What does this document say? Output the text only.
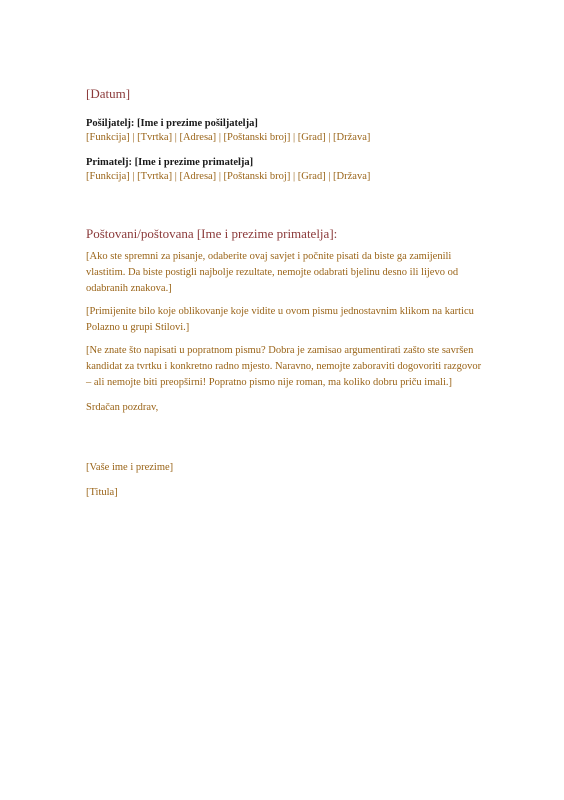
[Datum]
Pošiljatelj: [Ime i prezime pošiljatelja]
[Funkcija] | [Tvrtka] | [Adresa] | [Poštanski broj] | [Grad] | [Država]
Primatelj: [Ime i prezime primatelja]
[Funkcija] | [Tvrtka] | [Adresa] | [Poštanski broj] | [Grad] | [Država]
Poštovani/poštovana [Ime i prezime primatelja]:
[Ako ste spremni za pisanje, odaberite ovaj savjet i počnite pisati da biste ga zamijenili vlastitim. Da biste postigli najbolje rezultate, nemojte odabrati bjelinu desno ili lijevo od odabranih znakova.]
[Primijenite bilo koje oblikovanje koje vidite u ovom pismu jednostavnim klikom na karticu Polazno u grupi Stilovi.]
[Ne znate što napisati u popratnom pismu? Dobra je zamisao argumentirati zašto ste savršen kandidat za tvrtku i konkretno radno mjesto. Naravno, nemojte zaboraviti dogovoriti razgovor – ali nemojte biti preopširni! Popratno pismo nije roman, ma koliko dobru priču imali.]
Srdačan pozdrav,
[Vaše ime i prezime]
[Titula]
